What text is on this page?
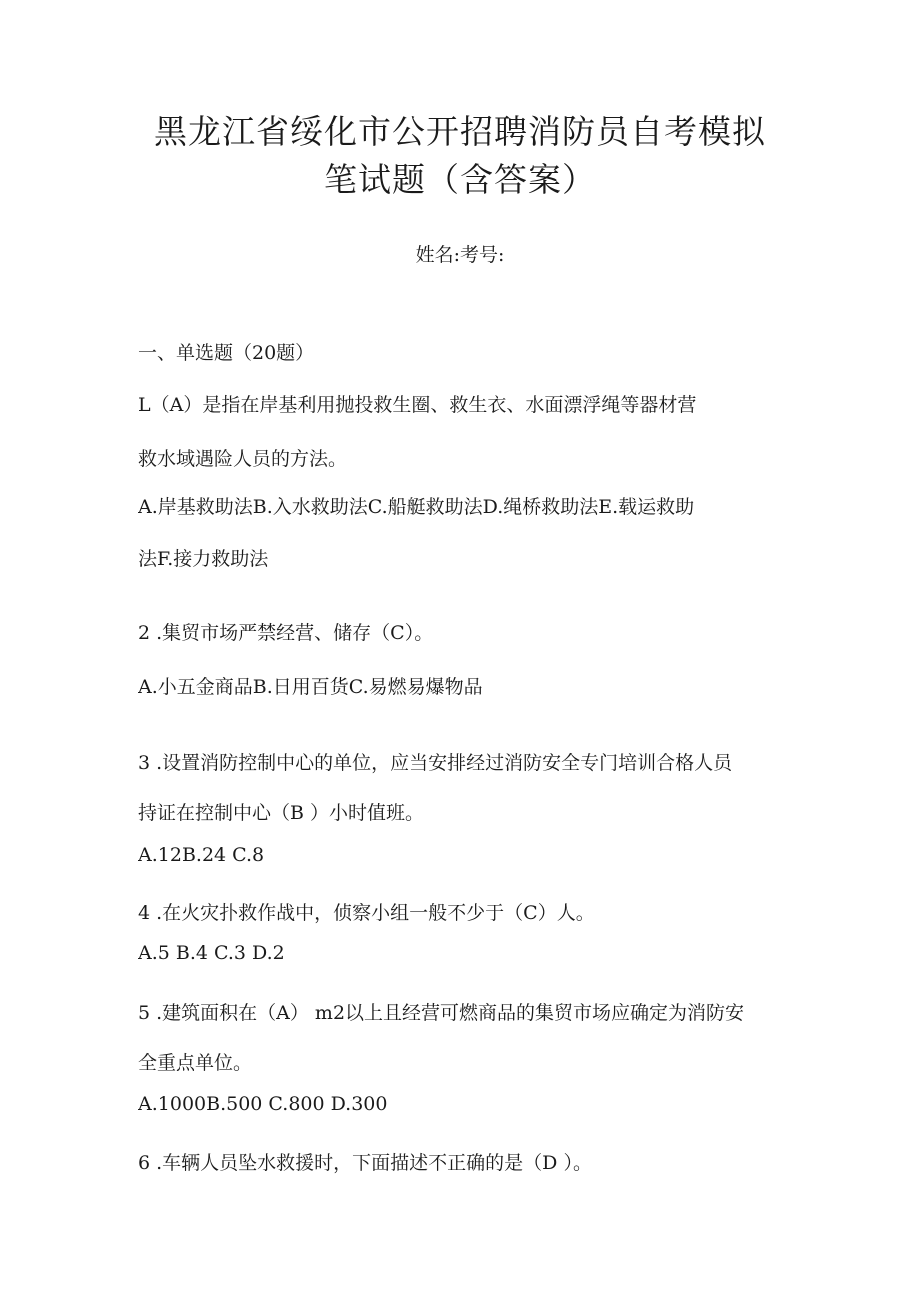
黑龙江省绥化市公开招聘消防员自考模拟
笔试题（含答案）
姓名:考号:
一、单选题（20题）
L（A）是指在岸基利用抛投救生圈、救生衣、水面漂浮绳等器材营
救水域遇险人员的方法。
A.岸基救助法B.入水救助法C.船艇救助法D.绳桥救助法E.载运救助
法F.接力救助法
2 .集贸市场严禁经营、储存（C）。
A.小五金商品B.日用百货C.易燃易爆物品
3 .设置消防控制中心的单位，应当安排经过消防安全专门培训合格人员
持证在控制中心（B ）小时值班。
A.12B.24 C.8
4 .在火灾扑救作战中，侦察小组一般不少于（C）人。
A.5 B.4 C.3 D.2
5 .建筑面积在（A） m2以上且经营可燃商品的集贸市场应确定为消防安
全重点单位。
A.1000B.500 C.800 D.300
6 .车辆人员坠水救援时，下面描述不正确的是（D ）。
